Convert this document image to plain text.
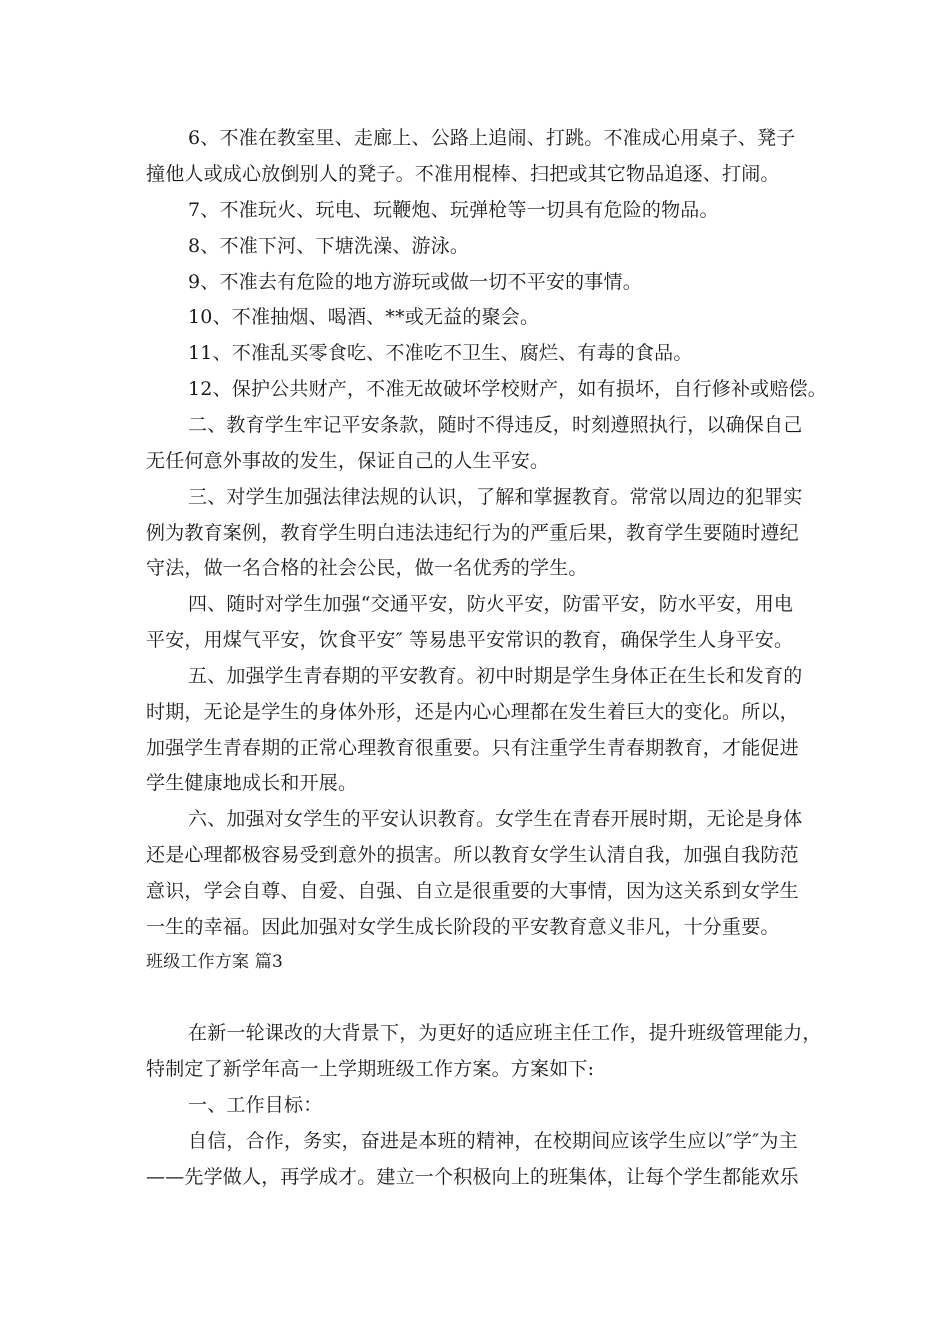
6、不准在教室里、走廊上、公路上追闹、打跳。不准成心用桌子、凳子
撞他人或成心放倒别人的凳子。不准用棍棒、扫把或其它物品追逐、打闹。
7、不准玩火、玩电、玩鞭炮、玩弹枪等一切具有危险的物品。
8、不准下河、下塘洗澡、游泳。
9、不准去有危险的地方游玩或做一切不平安的事情。
10、不准抽烟、喝酒、**或无益的聚会。
11、不准乱买零食吃、不准吃不卫生、腐烂、有毒的食品。
12、保护公共财产，不准无故破坏学校财产，如有损坏，自行修补或赔偿。
二、教育学生牢记平安条款，随时不得违反，时刻遵照执行，以确保自己
无任何意外事故的发生，保证自己的人生平安。
三、对学生加强法律法规的认识，了解和掌握教育。常常以周边的犯罪实
例为教育案例，教育学生明白违法违纪行为的严重后果，教育学生要随时遵纪
守法，做一名合格的社会公民，做一名优秀的学生。
四、随时对学生加强“交通平安，防火平安，防雷平安，防水平安，用电
平安，用煤气平安，饮食平安″ 等易患平安常识的教育，确保学生人身平安。
五、加强学生青春期的平安教育。初中时期是学生身体正在生长和发育的
时期，无论是学生的身体外形，还是内心心理都在发生着巨大的变化。所以，
加强学生青春期的正常心理教育很重要。只有注重学生青春期教育，才能促进
学生健康地成长和开展。
六、加强对女学生的平安认识教育。女学生在青春开展时期，无论是身体
还是心理都极容易受到意外的损害。所以教育女学生认清自我，加强自我防范
意识，学会自尊、自爱、自强、自立是很重要的大事情，因为这关系到女学生
一生的幸福。因此加强对女学生成长阶段的平安教育意义非凡，十分重要。
班级工作方案 篇3
在新一轮课改的大背景下，为更好的适应班主任工作，提升班级管理能力，
特制定了新学年高一上学期班级工作方案。方案如下:
一、工作目标：
自信，合作，务实，奋进是本班的精神，在校期间应该学生应以″学″为主
——先学做人，再学成才。建立一个积极向上的班集体，让每个学生都能欢乐
